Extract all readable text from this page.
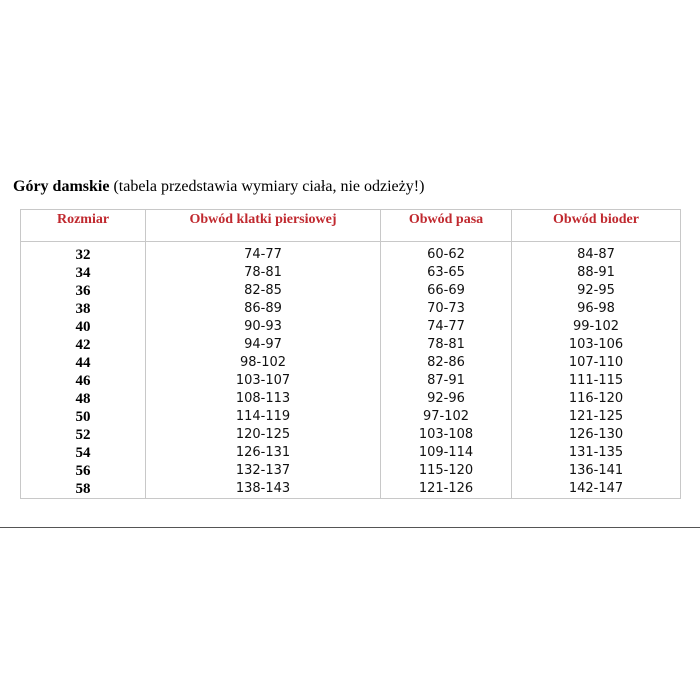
Góry damskie (tabela przedstawia wymiary ciała, nie odzieży!)
Rozmiar	Obwód klatki piersiowej	Obwód pasa	Obwód bioder

32	74-77	60-62	84-87
34	78-81	63-65	88-91
36	82-85	66-69	92-95
38	86-89	70-73	96-98
40	90-93	74-77	99-102
42	94-97	78-81	103-106
44	98-102	82-86	107-110
46	103-107	87-91	111-115
48	108-113	92-96	116-120
50	114-119	97-102	121-125
52	120-125	103-108	126-130
54	126-131	109-114	131-135
56	132-137	115-120	136-141
58	138-143	121-126	142-147
